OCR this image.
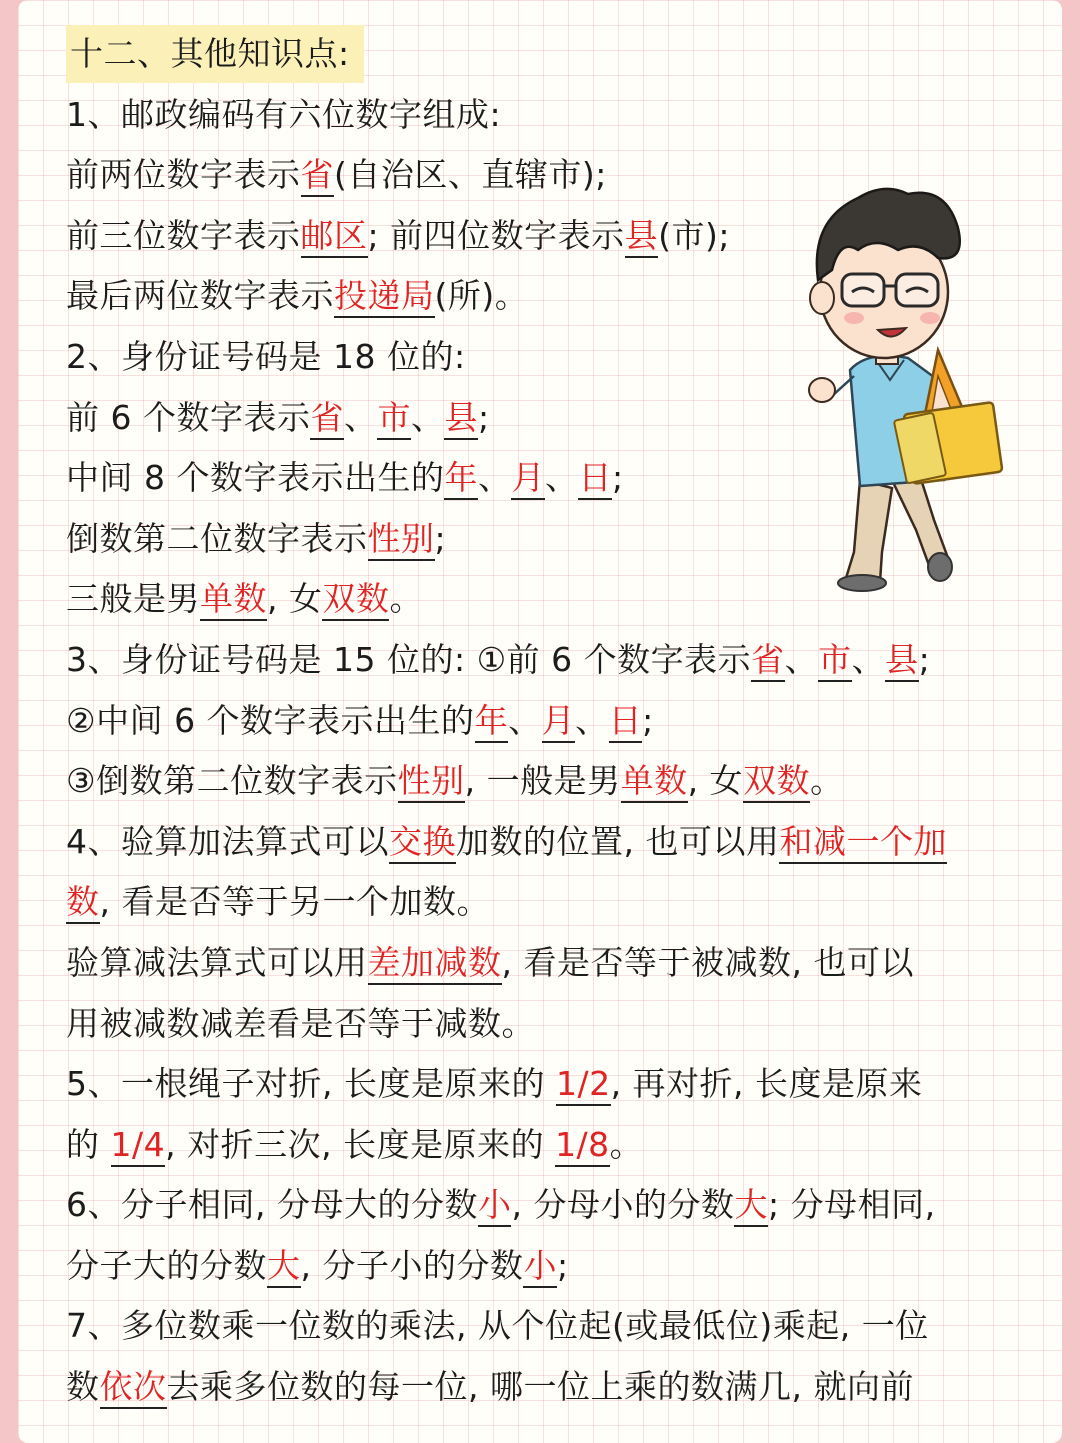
十二、其他知识点:
1、邮政编码有六位数字组成:
前两位数字表示省(自治区、直辖市);
前三位数字表示邮区; 前四位数字表示县(市);
最后两位数字表示投递局(所)。
2、身份证号码是 18 位的:
前 6 个数字表示省、市、县;
中间 8 个数字表示出生的年、月、日;
倒数第二位数字表示性别;
三般是男单数, 女双数。
3、身份证号码是 15 位的: ①前 6 个数字表示省、市、县;
②中间 6 个数字表示出生的年、月、日;
③倒数第二位数字表示性别, 一般是男单数, 女双数。
4、验算加法算式可以交换加数的位置, 也可以用和减一个加
数, 看是否等于另一个加数。
验算减法算式可以用差加减数, 看是否等于被减数, 也可以
用被减数减差看是否等于减数。
5、一根绳子对折, 长度是原来的 1/2, 再对折, 长度是原来
的 1/4, 对折三次, 长度是原来的 1/8。
6、分子相同, 分母大的分数小, 分母小的分数大; 分母相同,
分子大的分数大, 分子小的分数小;
7、多位数乘一位数的乘法, 从个位起(或最低位)乘起, 一位
数依次去乘多位数的每一位, 哪一位上乘的数满几, 就向前
